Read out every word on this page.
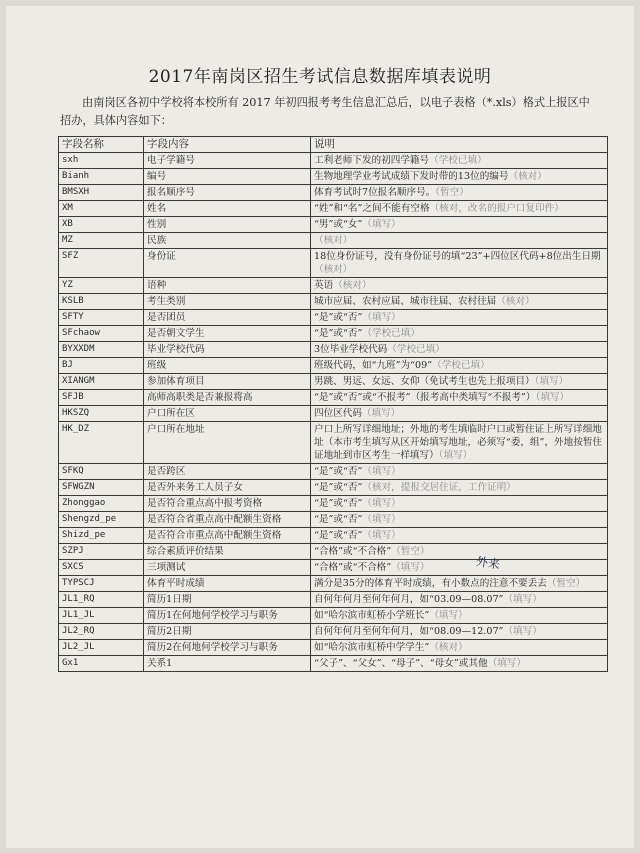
2017年南岗区招生考试信息数据库填表说明
由南岗区各初中学校将本校所有 2017 年初四报考考生信息汇总后，以电子表格（*.xls）格式上报区中招办，具体内容如下：
字段名称	字段内容	说明
sxh	电子学籍号	工利老师下发的初四学籍号（学校已填）
Bianh	编号	生物地理学业考试成绩下发时带的13位的编号（核对）
BMSXH	报名顺序号	体育考试时7位报名顺序号。（暂空）
XM	姓名	“姓”和“名”之间不能有空格（核对，改名的报户口复印件）
XB	性别	“男”或“女”（填写）
MZ	民族	（核对）
SFZ	身份证	18位身份证号，没有身份证号的填“23”+四位区代码+8位出生日期（核对）
YZ	语种	英语（核对）
KSLB	考生类别	城市应届、农村应届、城市往届、农村往届（核对）
SFTY	是否团员	“是”或“否”（填写）
SFchaow	是否朝文学生	“是”或“否”（学校已填）
BYXXDM	毕业学校代码	3位毕业学校代码（学校已填）
BJ	班级	班级代码，如“九班”为“09”（学校已填）
XIANGM	参加体育项目	男跳、男远、女远、女仰（免试考生也先上报项目）（填写）
SFJB	高师高职类是否兼报将高	“是”或“否”或“不报考”（报考高中类填写“不报考”）（填写）
HKSZQ	户口所在区	四位区代码（填写）
HK_DZ	户口所在地址	户口上所写详细地址；外地的考生填临时户口或暂住证上所写详细地址（本市考生填写从区开始填写地址，必须写“委，组”，外地按暂住证地址到市区考生一样填写）（填写）
SFKQ	是否跨区	“是”或“否”（填写）
SFWGZN	是否外来务工人员子女	“是”或“否”（核对，提报交居住证，工作证明）
Zhonggao	是否符合重点高中报考资格	“是”或“否”（填写）
Shengzd_pe	是否符合省重点高中配额生资格	“是”或“否”（填写）
Shizd_pe	是否符合市重点高中配额生资格	“是”或“否”（填写）
SZPJ	综合素质评价结果	“合格”或“不合格”（暂空）
SXCS	三项测试	“合格”或“不合格”（填写）
TYPSCJ	体育平时成绩	满分是35分的体育平时成绩，有小数点的注意不要丢去（暂空）
JL1_RQ	简历1日期	自何年何月至何年何月，如“03.09—08.07”（填写）
JL1_JL	简历1在何地何学校学习与职务	如“哈尔滨市虹桥小学班长”（填写）
JL2_RQ	简历2日期	自何年何月至何年何月，如“08.09—12.07”（填写）
JL2_JL	简历2在何地何学校学习与职务	如“哈尔滨市虹桥中学学生”（核对）
Gx1	关系1	“父子”、“父女”、“母子”、“母女”或其他（填写）
外来
